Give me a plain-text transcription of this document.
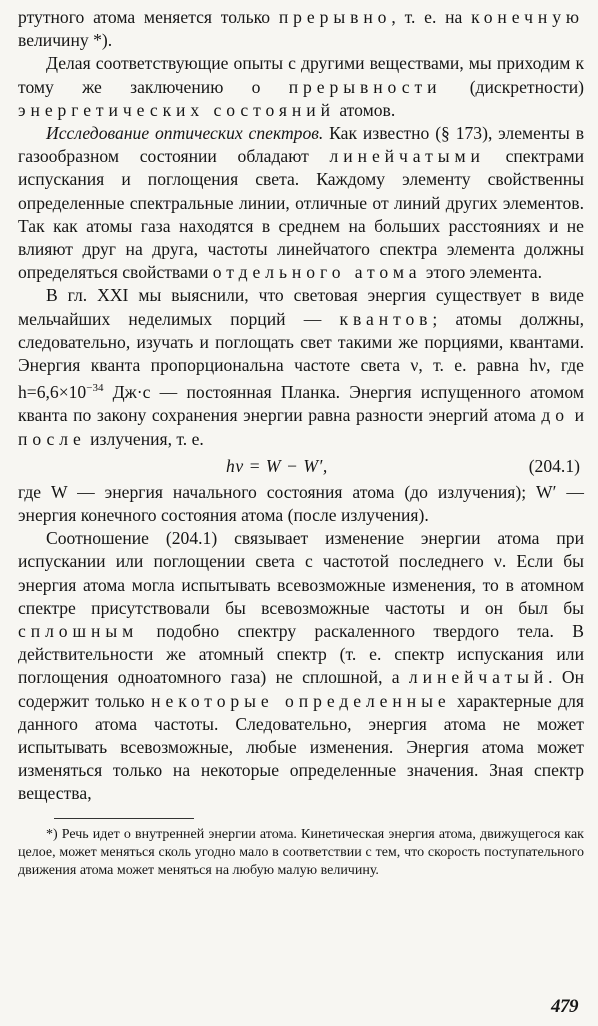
ртутного атома меняется только прерывно, т. е. на конечную величину *).

Делая соответствующие опыты с другими веществами, мы приходим к тому же заключению о прерывности (дискретности) энергетических состояний атомов.

Исследование оптических спектров. Как известно (§ 173), элементы в газообразном состоянии обладают линейчатыми спектрами испускания и поглощения света. Каждому элементу свойственны определенные спектральные линии, отличные от линий других элементов. Так как атомы газа находятся в среднем на больших расстояниях и не влияют друг на друга, частоты линейчатого спектра элемента должны определяться свойствами отдельного атома этого элемента.

В гл. XXI мы выяснили, что световая энергия существует в виде мельчайших неделимых порций — квантов; атомы должны, следовательно, изучать и поглощать свет такими же порциями, квантами. Энергия кванта пропорциональна частоте света ν, т. е. равна hν, где $h=6,6\times 10^{-34}$ Дж·с — постоянная Планка. Энергия испущенного атомом кванта по закону сохранения энергии равна разности энергий атома до и после излучения, т. е.

hν = W − W′,	(204.1)

где W — энергия начального состояния атома (до излучения); W′ — энергия конечного состояния атома (после излучения).

Соотношение (204.1) связывает изменение энергии атома при испускании или поглощении света с частотой последнего ν. Если бы энергия атома могла испытывать всевозможные изменения, то в атомном спектре присутствовали бы всевозможные частоты и он был бы сплошным подобно спектру раскаленного твердого тела. В действительности же атомный спектр (т. е. спектр испускания или поглощения одноатомного газа) не сплошной, а линейчатый. Он содержит только некоторые определенные характерные для данного атома частоты. Следовательно, энергия атома не может испытывать всевозможные, любые изменения. Энергия атома может изменяться только на некоторые определенные значения. Зная спектр вещества,

*) Речь идет о внутренней энергии атома. Кинетическая энергия атома, движущегося как целое, может меняться сколь угодно мало в соответствии с тем, что скорость поступательного движения атома может меняться на любую малую величину.

479
